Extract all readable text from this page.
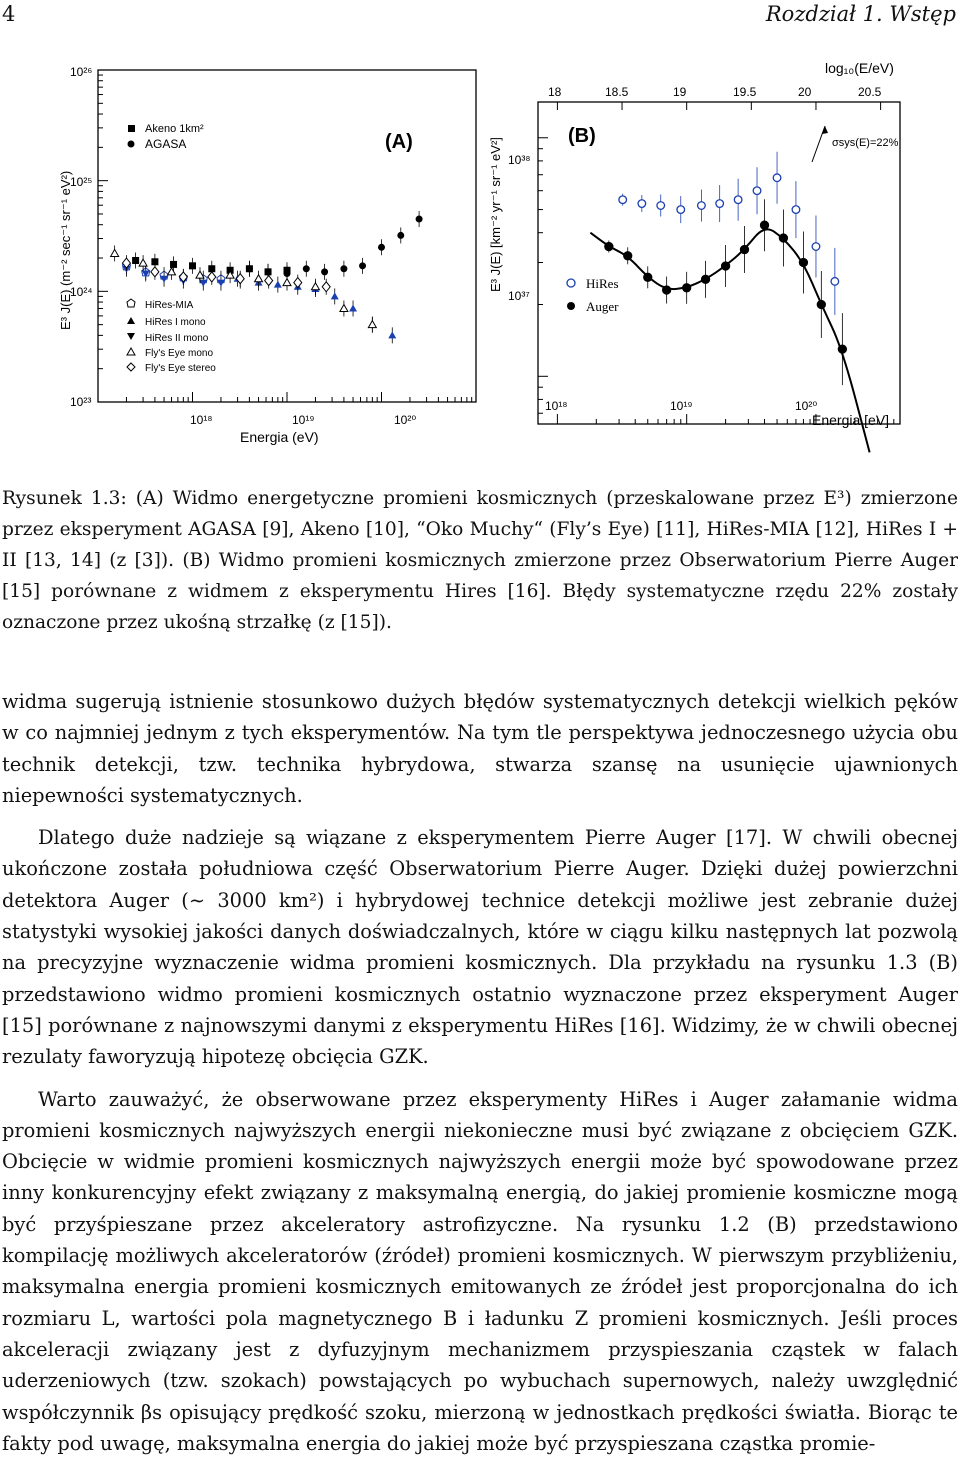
4	Rozdział 1. Wstęp
10²⁶
10²⁵
10²⁴
10²³
10¹⁸	10¹⁹	10²⁰
Energia (eV)
E³ J(E) (m⁻² sec⁻¹ sr⁻¹ eV²)
(A)
Akeno 1km²
AGASA
HiRes-MIA
HiRes I mono
HiRes II mono
Fly's Eye mono
Fly's Eye stereo
log₁₀(E/eV)
18	18.5	19	19.5	20	20.5
10³⁸
10³⁷
10¹⁸	10¹⁹	10²⁰
Energia [eV]
E³ J(E) [km⁻² yr⁻¹ sr⁻¹ eV²]
(B)	σsys(E)=22%
HiRes
Auger
Rysunek 1.3: (A) Widmo energetyczne promieni kosmicznych (przeskalowane przez E³) zmierzone przez eksperyment AGASA [9], Akeno [10], “Oko Muchy“ (Fly’s Eye) [11], HiRes-MIA [12], HiRes I + II [13, 14] (z [3]). (B) Widmo promieni kosmicznych zmierzone przez Obserwatorium Pierre Auger [15] porównane z widmem z eksperymentu Hires [16]. Błędy systematyczne rzędu 22% zostały oznaczone przez ukośną strzałkę (z [15]).

widma sugerują istnienie stosunkowo dużych błędów systematycznych detekcji wielkich pęków w co najmniej jednym z tych eksperymentów. Na tym tle perspektywa jednoczesnego użycia obu technik detekcji, tzw. technika hybrydowa, stwarza szansę na usunięcie ujawnionych niepewności systematycznych.

Dlatego duże nadzieje są wiązane z eksperymentem Pierre Auger [17]. W chwili obecnej ukończone została południowa część Obserwatorium Pierre Auger. Dzięki dużej powierzchni detektora Auger (∼ 3000 km²) i hybrydowej technice detekcji możliwe jest zebranie dużej statystyki wysokiej jakości danych doświadczalnych, które w ciągu kilku następnych lat pozwolą na precyzyjne wyznaczenie widma promieni kosmicznych. Dla przykładu na rysunku 1.3 (B) przedstawiono widmo promieni kosmicznych ostatnio wyznaczone przez eksperyment Auger [15] porównane z najnowszymi danymi z eksperymentu HiRes [16]. Widzimy, że w chwili obecnej rezulaty faworyzują hipotezę obcięcia GZK.

Warto zauważyć, że obserwowane przez eksperymenty HiRes i Auger załamanie widma promieni kosmicznych najwyższych energii niekonieczne musi być związane z obcięciem GZK. Obcięcie w widmie promieni kosmicznych najwyższych energii może być spowodowane przez inny konkurencyjny efekt związany z maksymalną energią, do jakiej promienie kosmiczne mogą być przyśpieszane przez akceleratory astrofizyczne. Na rysunku 1.2 (B) przedstawiono kompilację możliwych akceleratorów (źródeł) promieni kosmicznych. W pierwszym przybliżeniu, maksymalna energia promieni kosmicznych emitowanych ze źródeł jest proporcjonalna do ich rozmiaru L, wartości pola magnetycznego B i ładunku Z promieni kosmicznych. Jeśli proces akceleracji związany jest z dyfuzyjnym mechanizmem przyspieszania cząstek w falach uderzeniowych (tzw. szokach) powstających po wybuchach supernowych, należy uwzględnić współczynnik βs opisujący prędkość szoku, mierzoną w jednostkach prędkości światła. Biorąc te fakty pod uwagę, maksymalna energia do jakiej może być przyspieszana cząstka promie-
